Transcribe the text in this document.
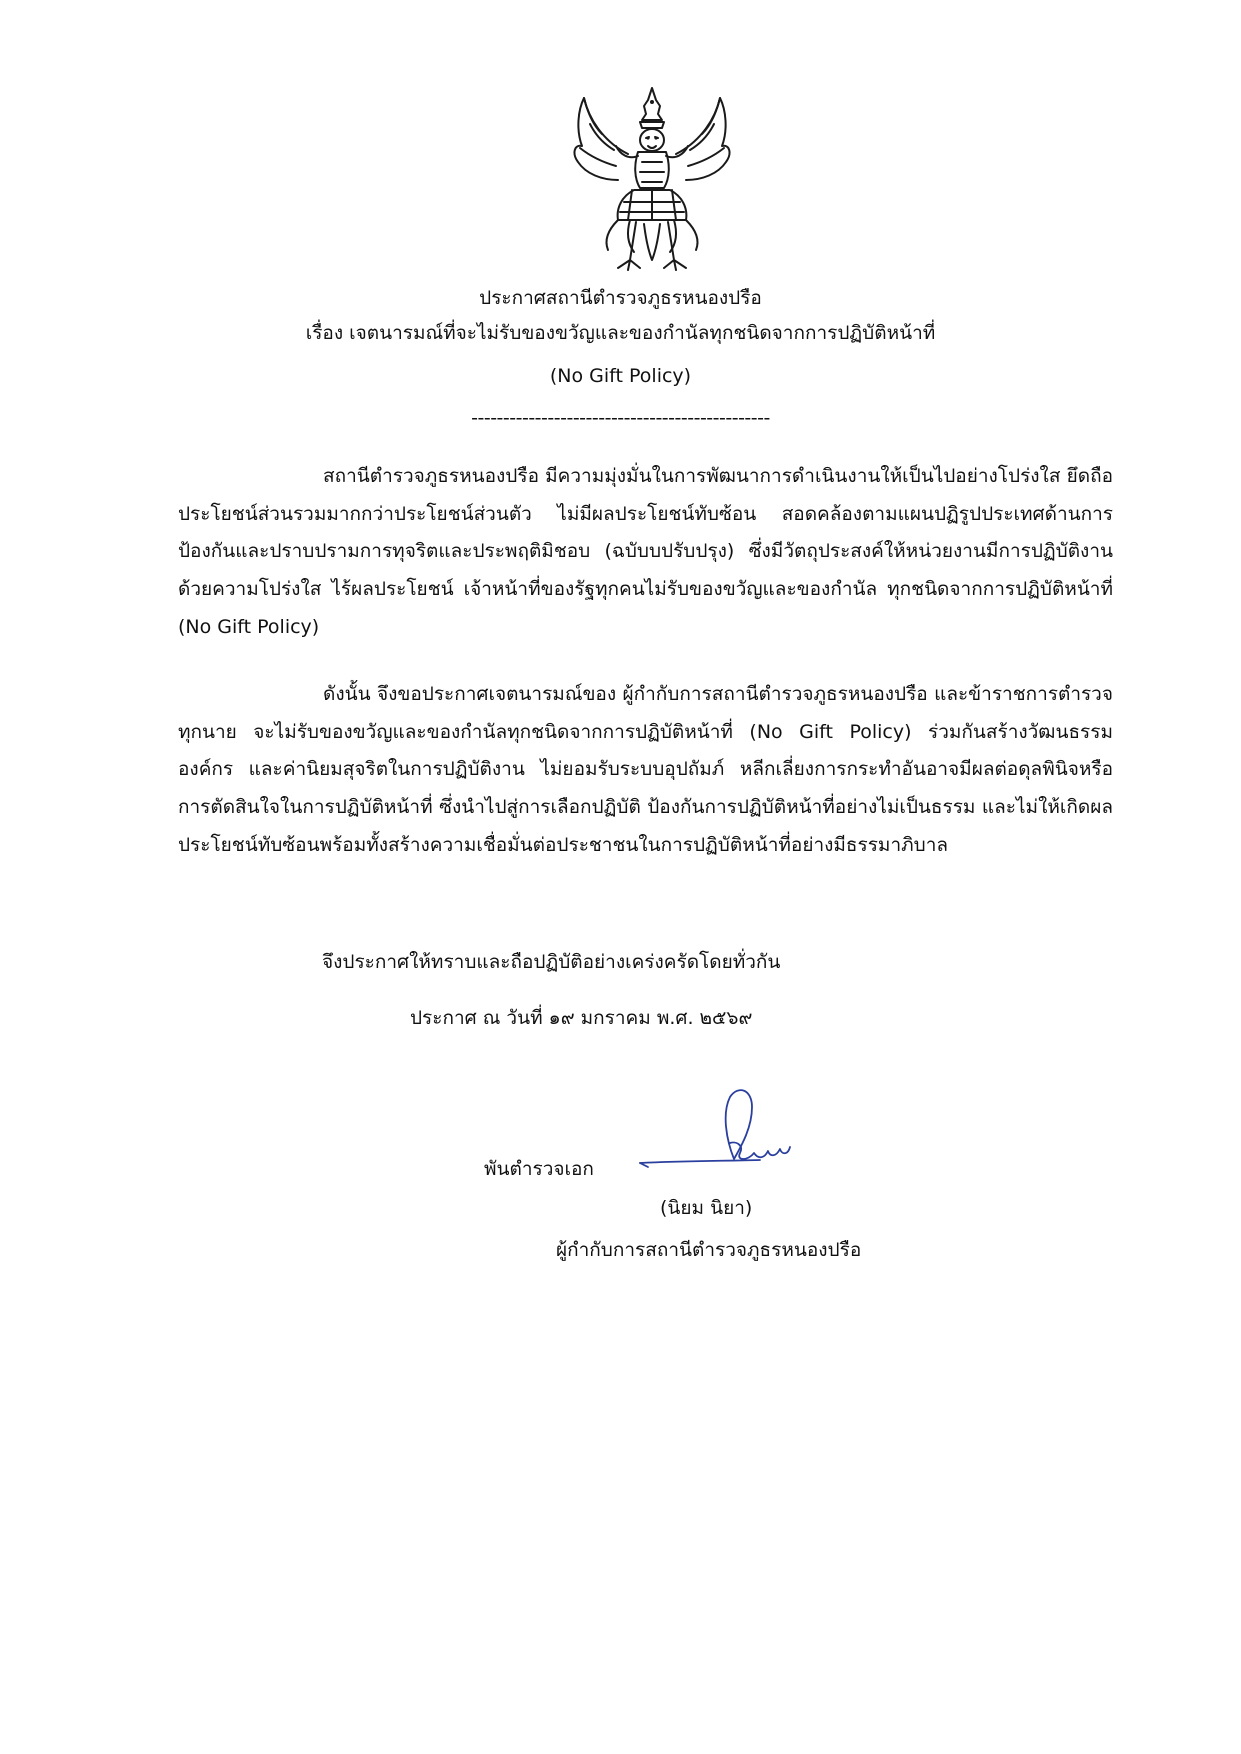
ประกาศสถานีตำรวจภูธรหนองปรือ
เรื่อง เจตนารมณ์ที่จะไม่รับของขวัญและของกำนัลทุกชนิดจากการปฏิบัติหน้าที่
(No Gift Policy)
-----------------------------------------------

สถานีตำรวจภูธรหนองปรือ มีความมุ่งมั่นในการพัฒนาการดำเนินงานให้เป็นไปอย่างโปร่งใส ยึดถือประโยชน์ส่วนรวมมากกว่าประโยชน์ส่วนตัว ไม่มีผลประโยชน์ทับซ้อน สอดคล้องตามแผนปฏิรูปประเทศด้านการป้องกันและปราบปรามการทุจริตและประพฤติมิชอบ (ฉบับบปรับปรุง) ซึ่งมีวัตถุประสงค์ให้หน่วยงานมีการปฏิบัติงานด้วยความโปร่งใส ไร้ผลประโยชน์ เจ้าหน้าที่ของรัฐทุกคนไม่รับของขวัญและของกำนัล ทุกชนิดจากการปฏิบัติหน้าที่ (No Gift Policy)

ดังนั้น จึงขอประกาศเจตนารมณ์ของ ผู้กำกับการสถานีตำรวจภูธรหนองปรือ และข้าราชการตำรวจทุกนาย จะไม่รับของขวัญและของกำนัลทุกชนิดจากการปฏิบัติหน้าที่ (No Gift Policy) ร่วมกันสร้างวัฒนธรรมองค์กร และค่านิยมสุจริตในการปฏิบัติงาน ไม่ยอมรับระบบอุปถัมภ์ หลีกเลี่ยงการกระทำอันอาจมีผลต่อดุลพินิจหรือการตัดสินใจในการปฏิบัติหน้าที่ ซึ่งนำไปสู่การเลือกปฏิบัติ ป้องกันการปฏิบัติหน้าที่อย่างไม่เป็นธรรม และไม่ให้เกิดผลประโยชน์ทับซ้อนพร้อมทั้งสร้างความเชื่อมั่นต่อประชาชนในการปฏิบัติหน้าที่อย่างมีธรรมาภิบาล

จึงประกาศให้ทราบและถือปฏิบัติอย่างเคร่งครัดโดยทั่วกัน
ประกาศ ณ วันที่ ๑๙ มกราคม พ.ศ. ๒๕๖๙
พันตำรวจเอก
(นิยม นิยา)
ผู้กำกับการสถานีตำรวจภูธรหนองปรือ
